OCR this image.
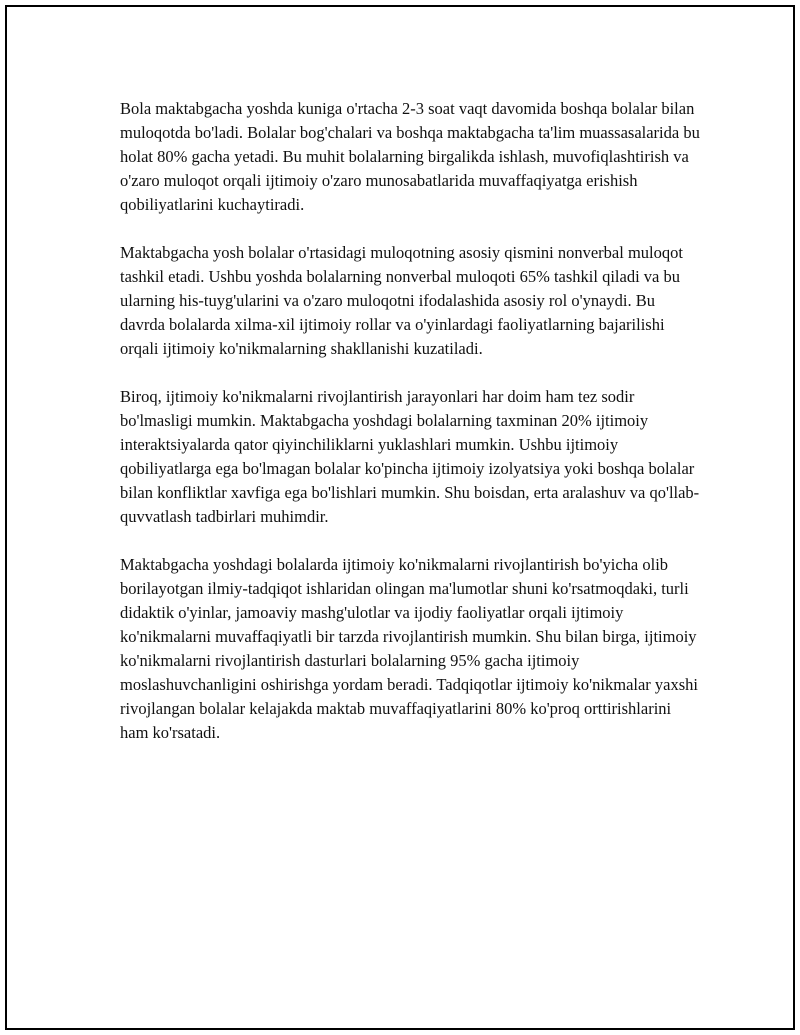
Bola maktabgacha yoshda kuniga o'rtacha 2-3 soat vaqt davomida boshqa bolalar bilan muloqotda bo'ladi. Bolalar bog'chalari va boshqa maktabgacha ta'lim muassasalarida bu holat 80% gacha yetadi. Bu muhit bolalarning birgalikda ishlash, muvofiqlashtirish va o'zaro muloqot orqali ijtimoiy o'zaro munosabatlarida muvaffaqiyatga erishish qobiliyatlarini kuchaytiradi.

Maktabgacha yosh bolalar o'rtasidagi muloqotning asosiy qismini nonverbal muloqot tashkil etadi. Ushbu yoshda bolalarning nonverbal muloqoti 65% tashkil qiladi va bu ularning his-tuyg'ularini va o'zaro muloqotni ifodalashida asosiy rol o'ynaydi. Bu davrda bolalarda xilma-xil ijtimoiy rollar va o'yinlardagi faoliyatlarning bajarilishi orqali ijtimoiy ko'nikmalarning shakllanishi kuzatiladi.

Biroq, ijtimoiy ko'nikmalarni rivojlantirish jarayonlari har doim ham tez sodir bo'lmasligi mumkin. Maktabgacha yoshdagi bolalarning taxminan 20% ijtimoiy interaktsiyalarda qator qiyinchiliklarni yuklashlari mumkin. Ushbu ijtimoiy qobiliyatlarga ega bo'lmagan bolalar ko'pincha ijtimoiy izolyatsiya yoki boshqa bolalar bilan konfliktlar xavfiga ega bo'lishlari mumkin. Shu boisdan, erta aralashuv va qo'llab-quvvatlash tadbirlari muhimdir.

Maktabgacha yoshdagi bolalarda ijtimoiy ko'nikmalarni rivojlantirish bo'yicha olib borilayotgan ilmiy-tadqiqot ishlaridan olingan ma'lumotlar shuni ko'rsatmoqdaki, turli didaktik o'yinlar, jamoaviy mashg'ulotlar va ijodiy faoliyatlar orqali ijtimoiy ko'nikmalarni muvaffaqiyatli bir tarzda rivojlantirish mumkin. Shu bilan birga, ijtimoiy ko'nikmalarni rivojlantirish dasturlari bolalarning 95% gacha ijtimoiy moslashuvchanligini oshirishga yordam beradi. Tadqiqotlar ijtimoiy ko'nikmalar yaxshi rivojlangan bolalar kelajakda maktab muvaffaqiyatlarini 80% ko'proq orttirishlarini ham ko'rsatadi.
